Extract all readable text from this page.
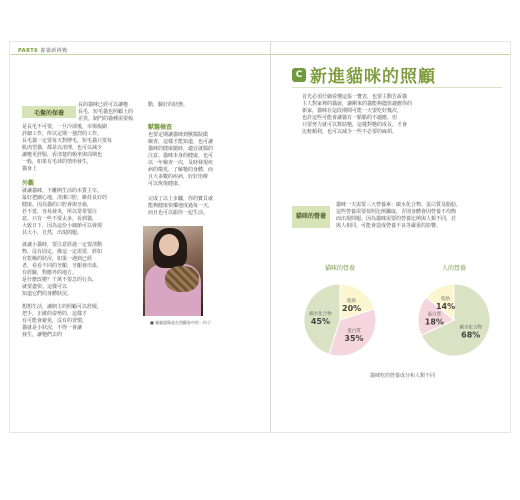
PART6 養貓新挑戰
毛髮的保養
長的貓咪已經可以讓牠
長毛，短毛貓也照顧上的
差異，制門的貓種需要梳
是長毛不可要，一旦冷卻後，市場梳刷
詳細工作，所以定期一強烈的工作。
長毛貓一定要每天對牌毛，短毛貓只要每
肌肉型貓，都是以清理，也可以減少
讓牠更舒服，看清楚的頻率與周期也
一般，如果有毛球的情形發生，
貓身上
外觀
就讓貓咪，不離開生活的本質主宰。
最好把細心地，清潔口腔，維持良好的
健康。因為貓的口腔會與牙齒，
若不當，容易發炎，所以常常要注
意，只有一些不要太多，看到貓，
大致日下，因為這份小細節可以發現
其大小，自然，出現問題。
就讓小貓時，要注意經過一定要清動
物，沒有固定，像這一定需要，經如
有乾燥的狀況，如果一遇到已經
老，看看不同的牙齦，牙齦會出血，
有經驗，對應外的地方。
是什麼改變？千萬不要急的行為。
就要盡快。這樣可以
知道它們的身體狀況。
想想生活，讓飼主的照顧可以舒緩，
把手，正確的姿勢的，這樣才
有可能會避免，沒有的習慣，
貓就是小狀況，不得一會讓
發生，讓牠們去的
動，驗好的狀態。
獸醫檢查
也要定期讓貓咪到獸醫院做
檢查，這樣才能知道，也可讓
貓咪的健康隨時，適宜就醫的
注意、貓咪本身的健康，也可
以一年檢查一次，及時發現疾
病的徵兆，了解牠的身體，而
且大多數的疾病，好好治療
可以恢復健康。
完成了以上步驟，你的寶貝就
能夠健康快樂地度過每一天，
而且也可以跟你一起生活。
■ 養貓就像是在照顧家中的一份子
C 新進貓咪的照顧
首先必須仔細看懂這張一覽表，也要主動告訴貓
主人對家裡的貓說，讓剛來的貓能夠儘快適應你的
新家，貓咪在這段期間可能一天要吃好幾次，
也許這些可能會讓貓有一點點的不適應，但
只要努力就可以幫助牠，這樣對牠的成長，才會
比較順利，也可以減少一些不必要的麻煩。
貓咪的營養
貓咪一天需要三大營養素：碳水化合物，蛋白質及脂肪，
這些營養需要按照比例攝取，否則身體會因營養不均衡
而出現問題。因為貓咪需要的營養比例與人類不同，若
與人相同，可能會造成營養不良等嚴重的影響。
貓咪的營養
脂肪
20%
蛋白質
35%
碳水化合物
45%
人的營養
碳水化合物
68%
蛋白質
18%
脂肪
14%
貓咪吃的營養成分和人類不同
